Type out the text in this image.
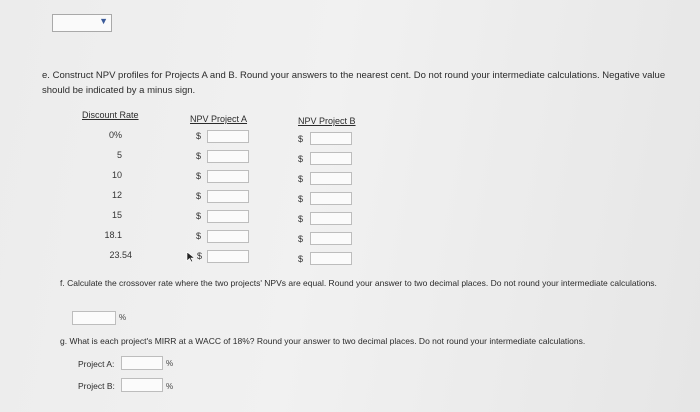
▼
e. Construct NPV profiles for Projects A and B. Round your answers to the nearest cent. Do not round your intermediate calculations. Negative value should be indicated by a minus sign.
Discount Rate	NPV Project A	NPV Project B
0%	$	$
5	$	$
10	$	$
12	$	$
15	$	$
18.1	$	$
23.54	$	$
f. Calculate the crossover rate where the two projects' NPVs are equal. Round your answer to two decimal places. Do not round your intermediate calculations.
%
g. What is each project's MIRR at a WACC of 18%? Round your answer to two decimal places. Do not round your intermediate calculations.
Project A:	%
Project B:	%
